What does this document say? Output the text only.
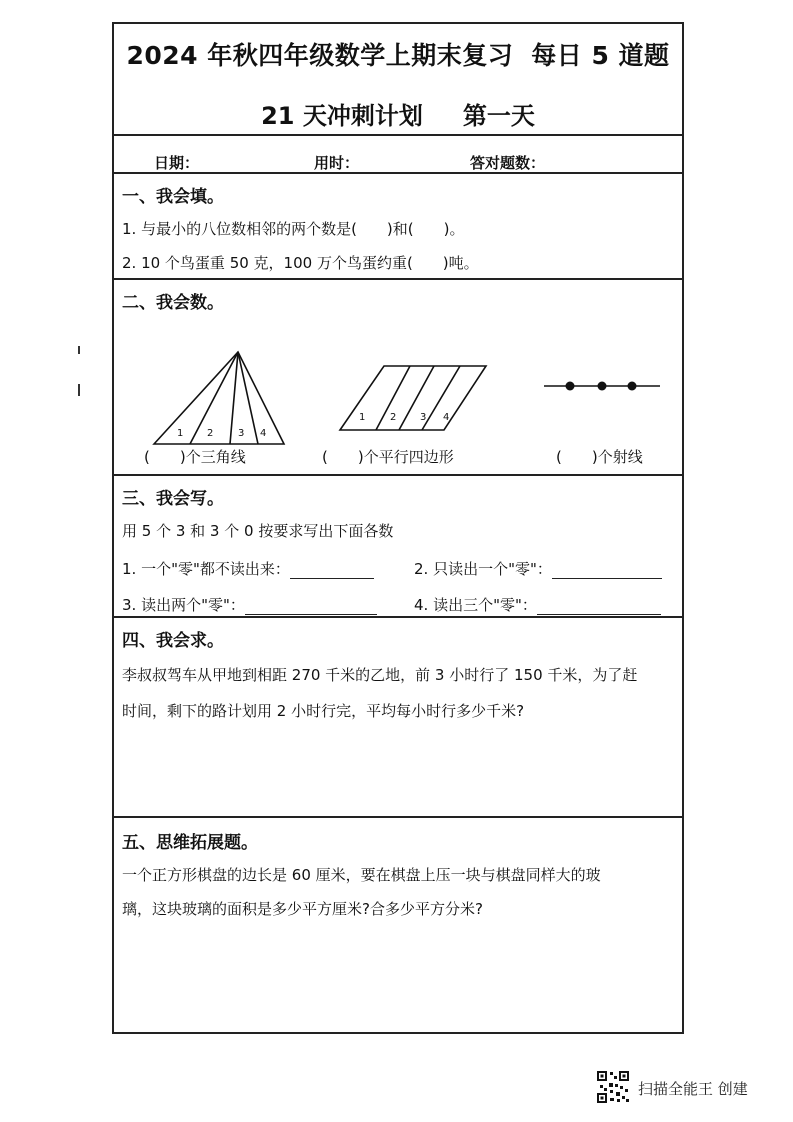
2024 年秋四年级数学上期末复习 每日 5 道题
21 天冲刺计划 第一天
日期：	用时：	答对题数：
一、我会填。
1. 与最小的八位数相邻的两个数是(　　)和(　　)。
2. 10 个鸟蛋重 50 克，100 万个鸟蛋约重(　　)吨。
二、我会数。
1 2 3 4
1 2 3 4
(　　)个三角线	(　　)个平行四边形	(　　)个射线
三、我会写。
用 5 个 3 和 3 个 0 按要求写出下面各数
1. 一个"零"都不读出来：	2. 只读出一个"零"：
3. 读出两个"零"：	4. 读出三个"零"：
四、我会求。
李叔叔驾车从甲地到相距 270 千米的乙地，前 3 小时行了 150 千米，为了赶
时间，剩下的路计划用 2 小时行完，平均每小时行多少千米?
五、思维拓展题。
一个正方形棋盘的边长是 60 厘米，要在棋盘上压一块与棋盘同样大的玻
璃，这块玻璃的面积是多少平方厘米?合多少平方分米?
扫描全能王 创建
